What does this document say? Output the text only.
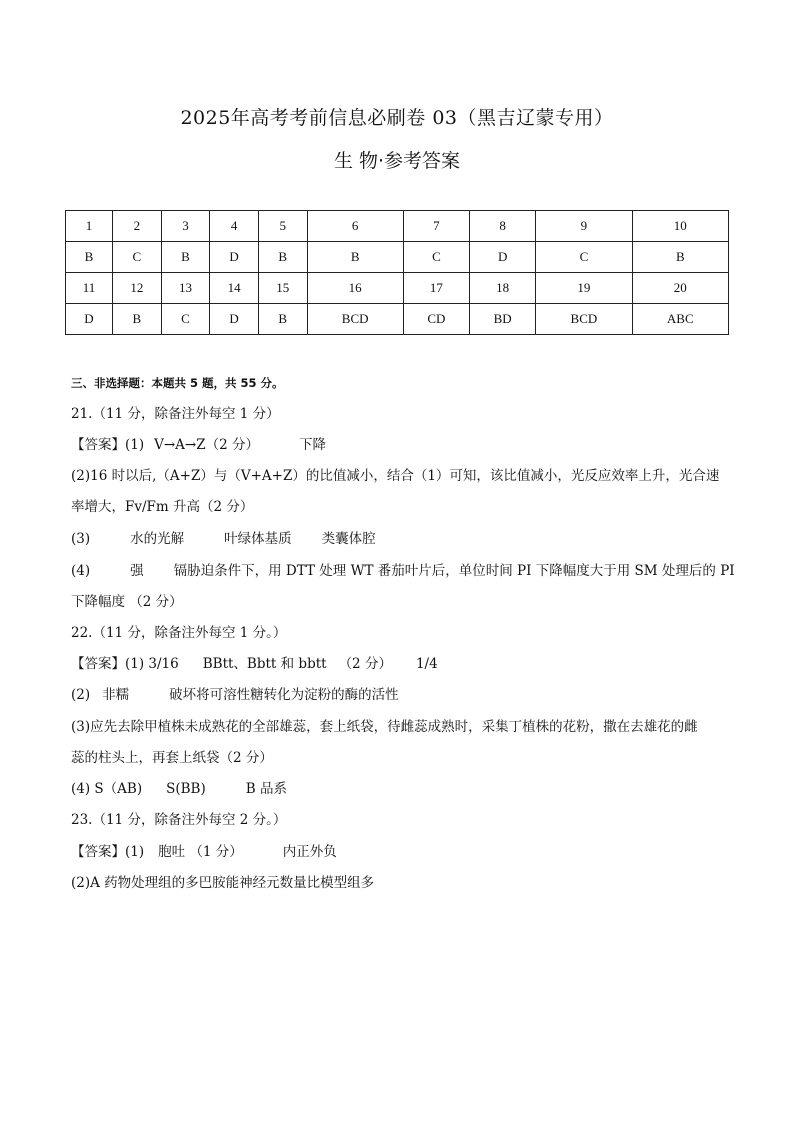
2025年高考考前信息必刷卷 03（黑吉辽蒙专用）
生 物·参考答案
1	2	3	4	5	6	7	8	9	10
B	C	B	D	B	B	C	D	C	B
11	12	13	14	15	16	17	18	19	20
D	B	C	D	B	BCD	CD	BD	BCD	ABC
三、非选择题：本题共 5 题，共 55 分。
21.（11 分，除备注外每空 1 分）
【答案】(1) V→A→Z（2 分）	下降
(2)16 时以后,（A+Z）与（V+A+Z）的比值减小，结合（1）可知，该比值减小，光反应效率上升，光合速
率增大，Fv/Fm 升高（2 分）
(3)	水的光解	叶绿体基质 类囊体腔
(4)	强 镉胁迫条件下，用 DTT 处理 WT 番茄叶片后，单位时间 PI 下降幅度大于用 SM 处理后的 PI
下降幅度 （2 分）
22.（11 分，除备注外每空 1 分。）
【答案】(1) 3/16 BBtt、Bbtt 和 bbtt （2 分） 1/4
(2) 非糯	破坏将可溶性糖转化为淀粉的酶的活性
(3)应先去除甲植株未成熟花的全部雄蕊，套上纸袋，待雌蕊成熟时，采集丁植株的花粉，撒在去雄花的雌
蕊的柱头上，再套上纸袋（2 分）
(4) S（AB) S(BB)	B 品系
23.（11 分，除备注外每空 2 分。）
【答案】(1) 胞吐 （1 分）	内正外负
(2)A 药物处理组的多巴胺能神经元数量比模型组多
